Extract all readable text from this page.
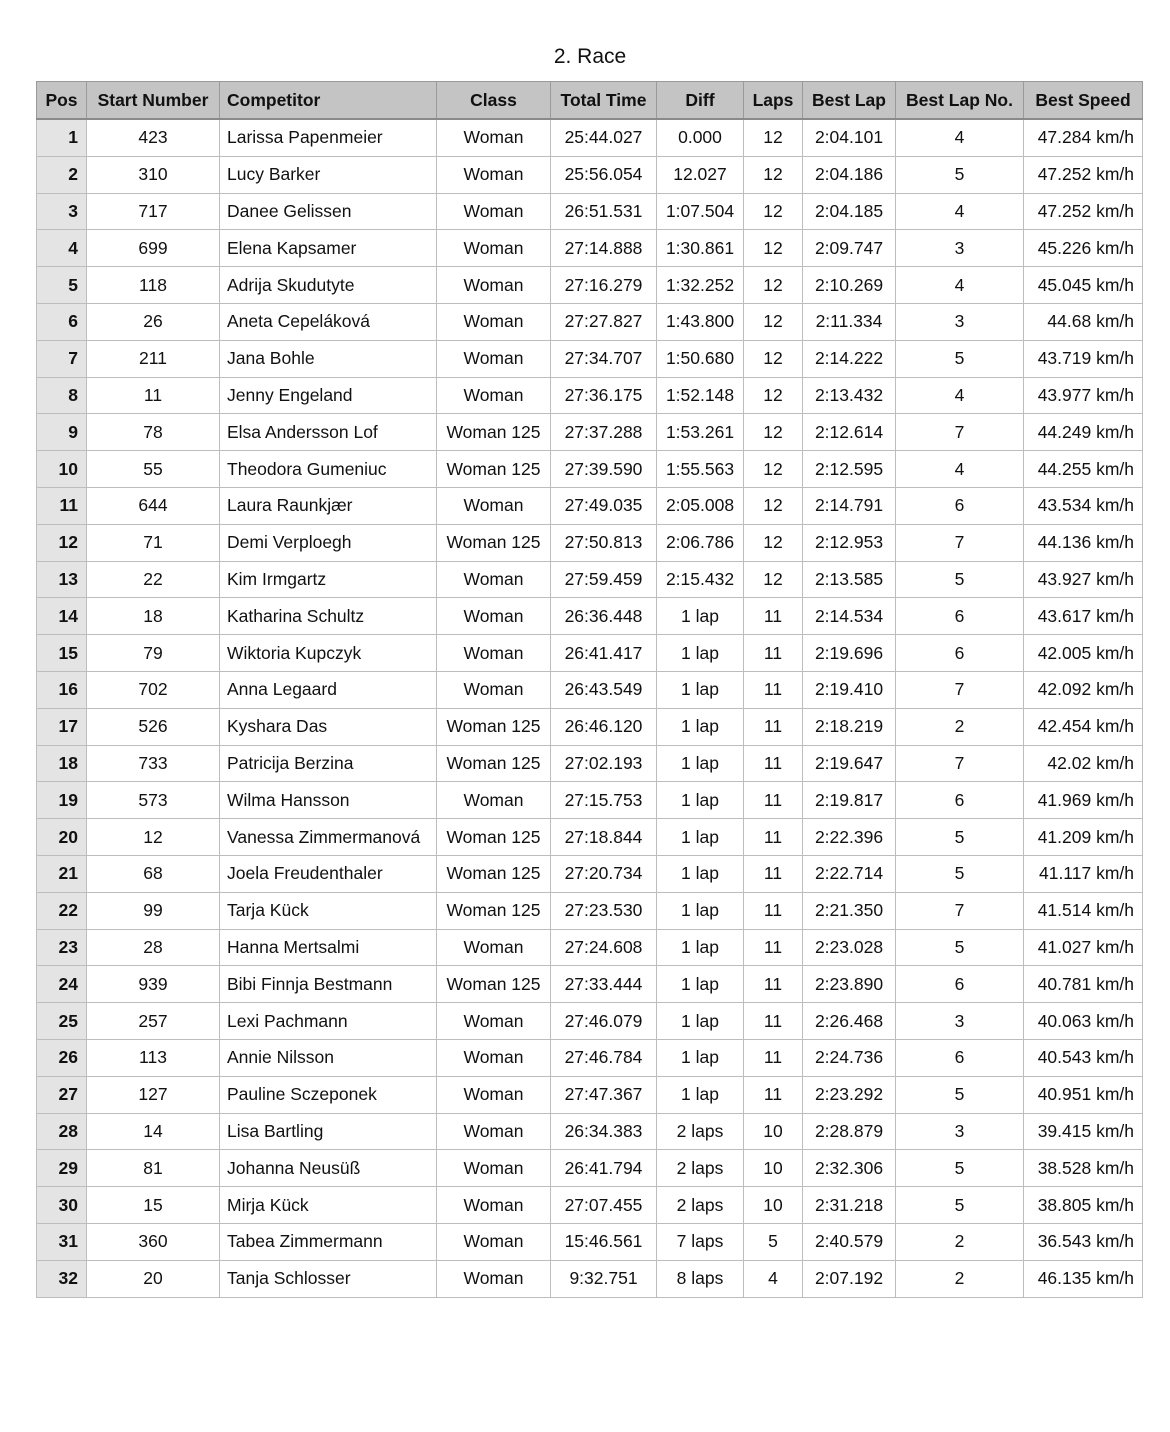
2. Race
Pos	Start Number	Competitor	Class	Total Time	Diff	Laps	Best Lap	Best Lap No.	Best Speed
1	423	Larissa Papenmeier	Woman	25:44.027	0.000	12	2:04.101	4	47.284 km/h
2	310	Lucy Barker	Woman	25:56.054	12.027	12	2:04.186	5	47.252 km/h
3	717	Danee Gelissen	Woman	26:51.531	1:07.504	12	2:04.185	4	47.252 km/h
4	699	Elena Kapsamer	Woman	27:14.888	1:30.861	12	2:09.747	3	45.226 km/h
5	118	Adrija Skudutyte	Woman	27:16.279	1:32.252	12	2:10.269	4	45.045 km/h
6	26	Aneta Cepeláková	Woman	27:27.827	1:43.800	12	2:11.334	3	44.68 km/h
7	211	Jana Bohle	Woman	27:34.707	1:50.680	12	2:14.222	5	43.719 km/h
8	11	Jenny Engeland	Woman	27:36.175	1:52.148	12	2:13.432	4	43.977 km/h
9	78	Elsa Andersson Lof	Woman 125	27:37.288	1:53.261	12	2:12.614	7	44.249 km/h
10	55	Theodora Gumeniuc	Woman 125	27:39.590	1:55.563	12	2:12.595	4	44.255 km/h
11	644	Laura Raunkjær	Woman	27:49.035	2:05.008	12	2:14.791	6	43.534 km/h
12	71	Demi Verploegh	Woman 125	27:50.813	2:06.786	12	2:12.953	7	44.136 km/h
13	22	Kim Irmgartz	Woman	27:59.459	2:15.432	12	2:13.585	5	43.927 km/h
14	18	Katharina Schultz	Woman	26:36.448	1 lap	11	2:14.534	6	43.617 km/h
15	79	Wiktoria Kupczyk	Woman	26:41.417	1 lap	11	2:19.696	6	42.005 km/h
16	702	Anna Legaard	Woman	26:43.549	1 lap	11	2:19.410	7	42.092 km/h
17	526	Kyshara Das	Woman 125	26:46.120	1 lap	11	2:18.219	2	42.454 km/h
18	733	Patricija Berzina	Woman 125	27:02.193	1 lap	11	2:19.647	7	42.02 km/h
19	573	Wilma Hansson	Woman	27:15.753	1 lap	11	2:19.817	6	41.969 km/h
20	12	Vanessa Zimmermanová	Woman 125	27:18.844	1 lap	11	2:22.396	5	41.209 km/h
21	68	Joela Freudenthaler	Woman 125	27:20.734	1 lap	11	2:22.714	5	41.117 km/h
22	99	Tarja Kück	Woman 125	27:23.530	1 lap	11	2:21.350	7	41.514 km/h
23	28	Hanna Mertsalmi	Woman	27:24.608	1 lap	11	2:23.028	5	41.027 km/h
24	939	Bibi Finnja Bestmann	Woman 125	27:33.444	1 lap	11	2:23.890	6	40.781 km/h
25	257	Lexi Pachmann	Woman	27:46.079	1 lap	11	2:26.468	3	40.063 km/h
26	113	Annie Nilsson	Woman	27:46.784	1 lap	11	2:24.736	6	40.543 km/h
27	127	Pauline Sczeponek	Woman	27:47.367	1 lap	11	2:23.292	5	40.951 km/h
28	14	Lisa Bartling	Woman	26:34.383	2 laps	10	2:28.879	3	39.415 km/h
29	81	Johanna Neusüß	Woman	26:41.794	2 laps	10	2:32.306	5	38.528 km/h
30	15	Mirja Kück	Woman	27:07.455	2 laps	10	2:31.218	5	38.805 km/h
31	360	Tabea Zimmermann	Woman	15:46.561	7 laps	5	2:40.579	2	36.543 km/h
32	20	Tanja Schlosser	Woman	9:32.751	8 laps	4	2:07.192	2	46.135 km/h
